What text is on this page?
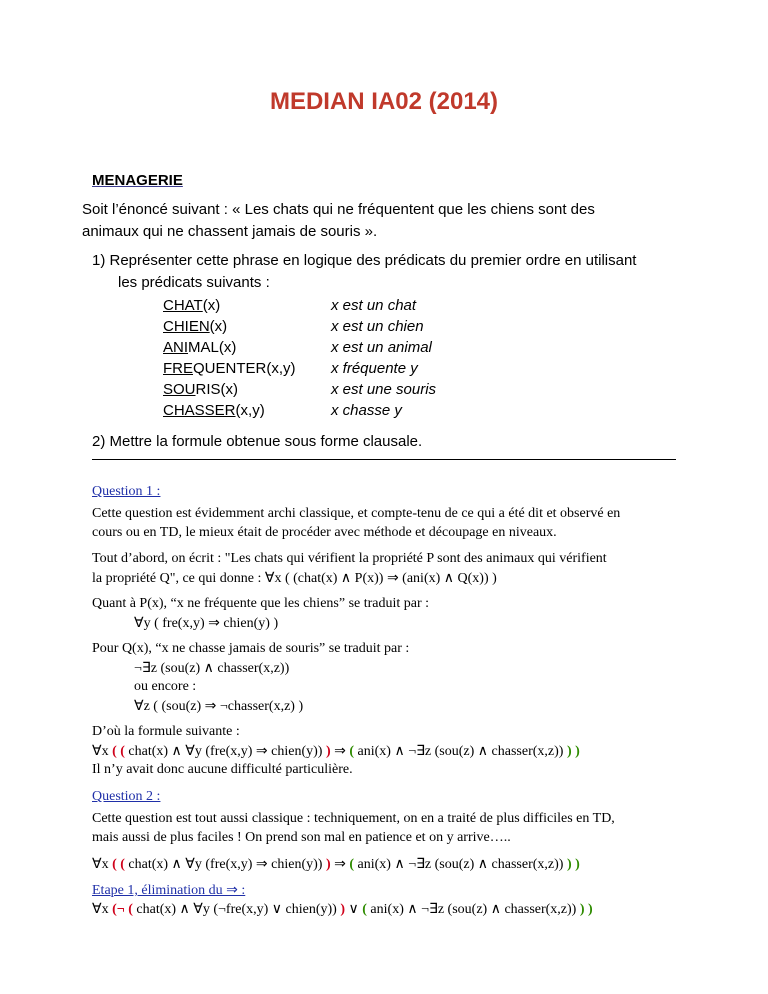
MEDIAN IA02 (2014)
MENAGERIE
Soit l’énoncé suivant : « Les chats qui ne fréquentent que les chiens sont des
animaux qui ne chassent jamais de souris ».
1) Représenter cette phrase en logique des prédicats du premier ordre en utilisant
les prédicats suivants :
CHAT(x)	x est un chat
CHIEN(x)	x est un chien
ANIMAL(x)	x est un animal
FREQUENTER(x,y) x fréquente y
SOURIS(x)	x est une souris
CHASSER(x,y)	x chasse y
2) Mettre la formule obtenue sous forme clausale.
Question 1 :
Cette question est évidemment archi classique, et compte-tenu de ce qui a été dit et observé en
cours ou en TD, le mieux était de procéder avec méthode et découpage en niveaux.
Tout d’abord, on écrit : "Les chats qui vérifient la propriété P sont des animaux qui vérifient
la propriété Q", ce qui donne : ∀x ( (chat(x) ∧ P(x)) ⇒ (ani(x) ∧ Q(x)) )
Quant à P(x), “x ne fréquente que les chiens” se traduit par :
∀y ( fre(x,y) ⇒ chien(y) )
Pour Q(x), “x ne chasse jamais de souris” se traduit par :
¬∃z (sou(z) ∧ chasser(x,z))
ou encore :
∀z ( (sou(z) ⇒ ¬chasser(x,z) )
D’où la formule suivante :
∀x ( ( chat(x) ∧ ∀y (fre(x,y) ⇒ chien(y)) ) ⇒ ( ani(x) ∧ ¬∃z (sou(z) ∧ chasser(x,z)) ) )
Il n’y avait donc aucune difficulté particulière.
Question 2 :
Cette question est tout aussi classique : techniquement, on en a traité de plus difficiles en TD,
mais aussi de plus faciles ! On prend son mal en patience et on y arrive…..
∀x ( ( chat(x) ∧ ∀y (fre(x,y) ⇒ chien(y)) ) ⇒ ( ani(x) ∧ ¬∃z (sou(z) ∧ chasser(x,z)) ) )
Etape 1, élimination du ⇒ :
∀x (¬ ( chat(x) ∧ ∀y (¬fre(x,y) ∨ chien(y)) ) ∨ ( ani(x) ∧ ¬∃z (sou(z) ∧ chasser(x,z)) ) )
